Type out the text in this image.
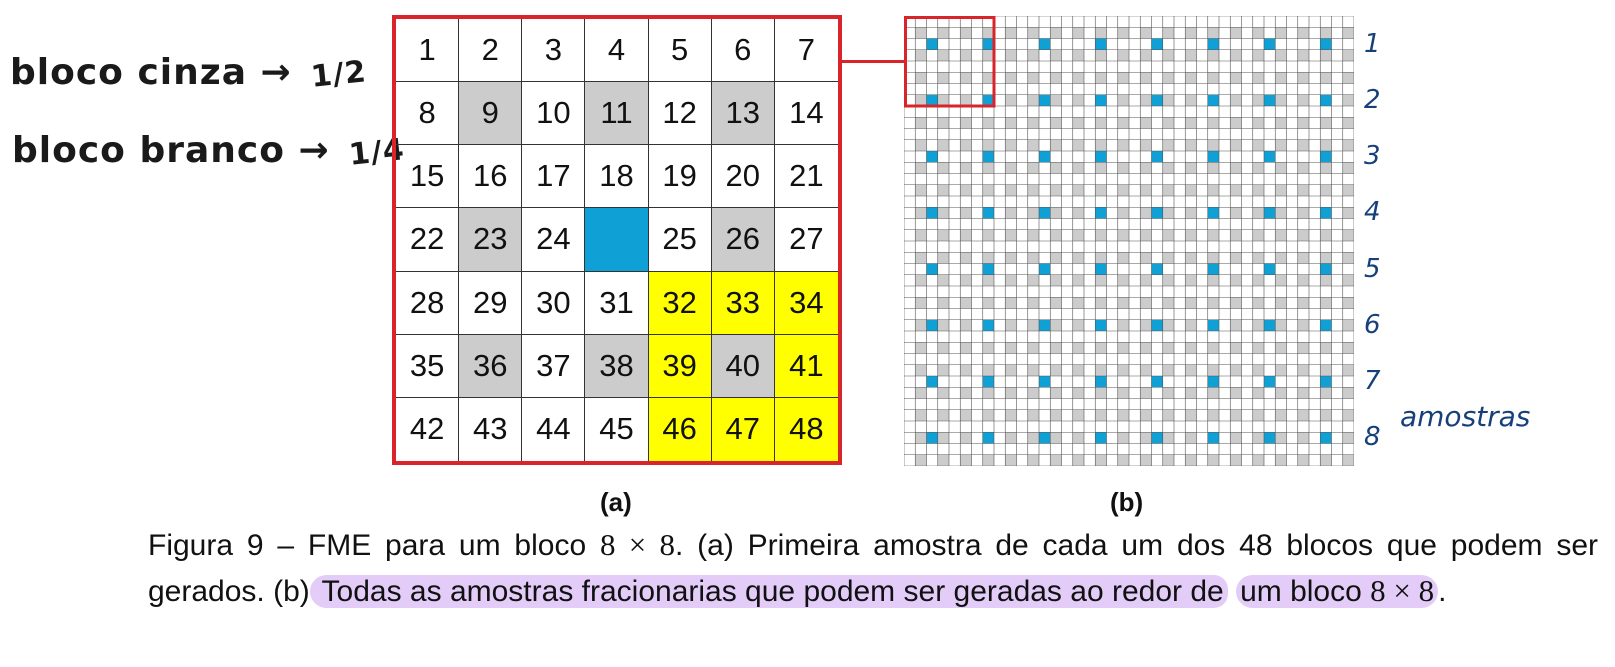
bloco cinza → 1/2
bloco branco → 1/4
1	2	3	4	5	6	7
8	9	10 11 12 13 14
15 16 17 18 19 20 21
22 23 24	25 26 27
28 29 30 31 32 33 34
35 36 37 38 39 40 41
42 43 44 45 46 47 48
1
2
3
4
5
6
7
8
amostras
(a)	(b)
Figura 9 – FME para um bloco 8 × 8. (a) Primeira amostra de cada um dos 48 blocos que podem ser gerados. (b) Todas as amostras fracionarias que podem ser geradas ao redor de um bloco 8 × 8 .
